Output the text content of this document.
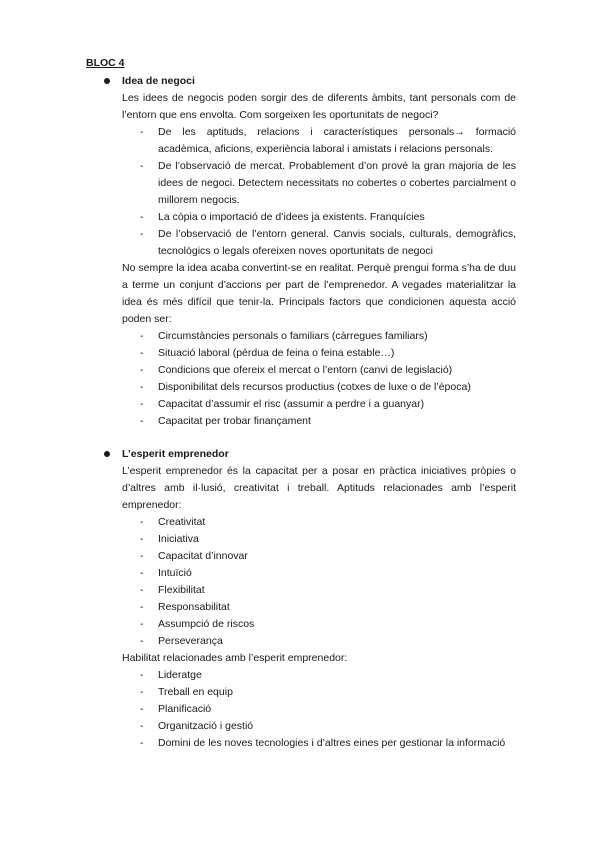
BLOC 4
Idea de negoci

Les idees de negocis poden sorgir des de diferents àmbits, tant personals com de l’entorn que ens envolta. Com sorgeixen les oportunitats de negoci?

- De les aptituds, relacions i característiques personals→ formació acadèmica, aficions, experiència laboral i amistats i relacions personals.
- De l’observació de mercat. Probablement d’on prové la gran majoria de les idees de negoci. Detectem necessitats no cobertes o cobertes parcialment o millorem negocis.
- La còpia o importació de d’idees ja existents. Franquícies
- De l’observació de l’entorn general. Canvis socials, culturals, demogràfics, tecnològics o legals ofereixen noves oportunitats de negoci

No sempre la idea acaba convertint-se en realitat. Perquè prengui forma s’ha de duu a terme un conjunt d’accions per part de l’emprenedor. A vegades materialitzar la idea és més difícil que tenir-la. Principals factors que condicionen aquesta acció poden ser:

- Circumstàncies personals o familiars (càrregues familiars)
- Situació laboral (pèrdua de feina o feina estable…)
- Condicions que ofereix el mercat o l’entorn (canvi de legislació)
- Disponibilitat dels recursos productius (cotxes de luxe o de l’època)
- Capacitat d’assumir el risc (assumir a perdre i a guanyar)
- Capacitat per trobar finançament
L’esperit emprenedor

L’esperit emprenedor és la capacitat per a posar en pràctica iniciatives pròpies o d’altres amb il·lusió, creativitat i treball. Aptituds relacionades amb l’esperit emprenedor:

- Creativitat
- Iniciativa
- Capacitat d’innovar
- Intuïció
- Flexibilitat
- Responsabilitat
- Assumpció de riscos
- Perseverança

Habilitat relacionades amb l’esperit emprenedor:

- Lideratge
- Treball en equip
- Planificació
- Organització i gestió
- Domini de les noves tecnologies i d’altres eines per gestionar la informació
